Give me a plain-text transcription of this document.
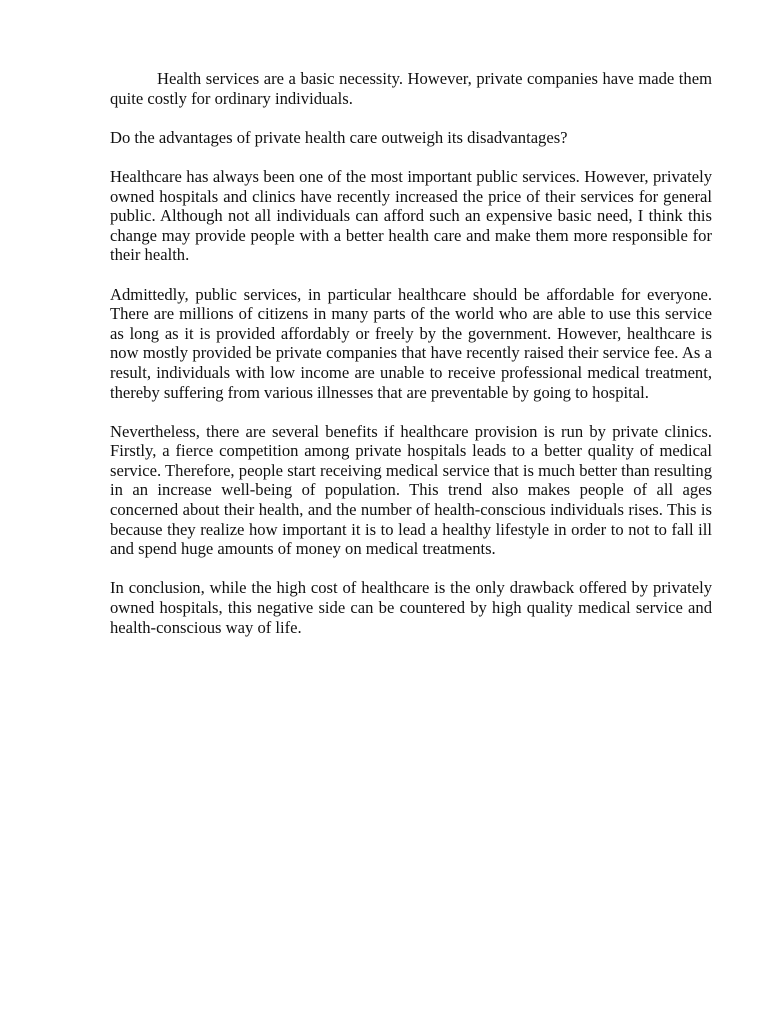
Health services are a basic necessity. However, private companies have made them quite costly for ordinary individuals.

Do the advantages of private health care outweigh its disadvantages?

Healthcare has always been one of the most important public services. However, privately owned hospitals and clinics have recently increased the price of their services for general public. Although not all individuals can afford such an expensive basic need, I think this change may provide people with a better health care and make them more responsible for their health.

Admittedly, public services, in particular healthcare should be affordable for everyone. There are millions of citizens in many parts of the world who are able to use this service as long as it is provided affordably or freely by the government. However, healthcare is now mostly provided be private companies that have recently raised their service fee. As a result, individuals with low income are unable to receive professional medical treatment, thereby suffering from various illnesses that are preventable by going to hospital.

Nevertheless, there are several benefits if healthcare provision is run by private clinics. Firstly, a fierce competition among private hospitals leads to a better quality of medical service. Therefore, people start receiving medical service that is much better than resulting in an increase well-being of population. This trend also makes people of all ages concerned about their health, and the number of health-conscious individuals rises. This is because they realize how important it is to lead a healthy lifestyle in order to not to fall ill and spend huge amounts of money on medical treatments.

In conclusion, while the high cost of healthcare is the only drawback offered by privately owned hospitals, this negative side can be countered by high quality medical service and health-conscious way of life.
